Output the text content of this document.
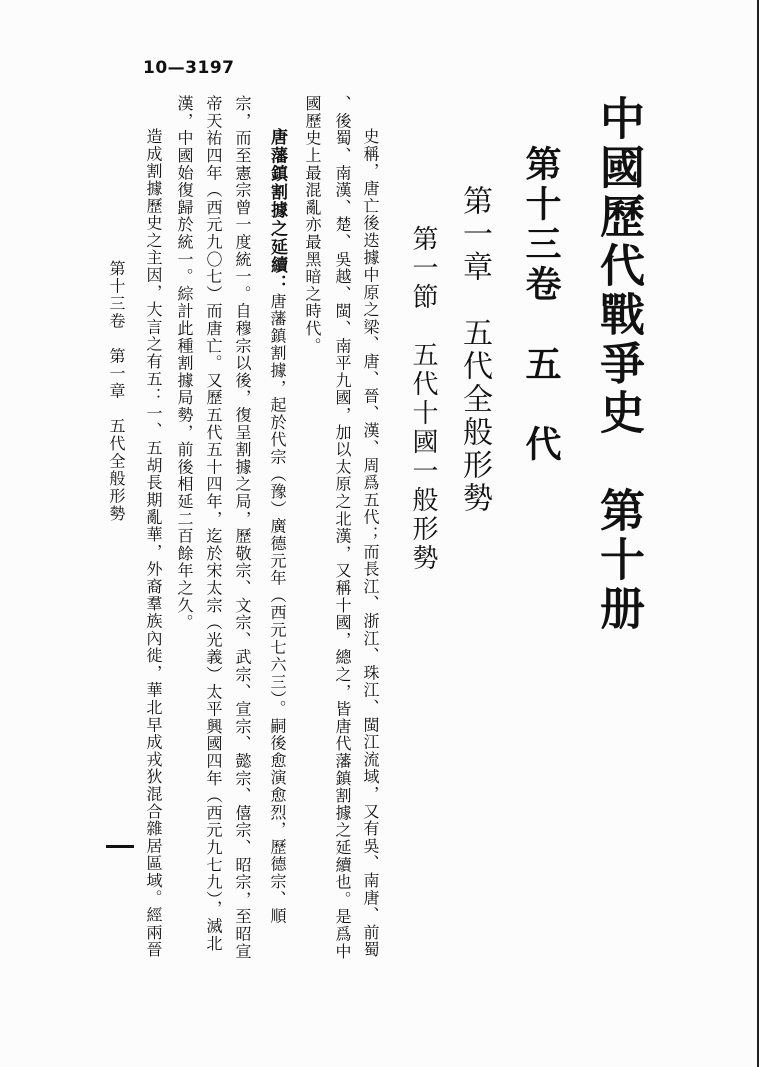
10—3197
中國歷代戰爭史　第十册
第十三卷　五　代
第一章　五代全般形勢
第一節　五代十國一般形勢
史稱，唐亡後迭據中原之梁、唐、晉、漢、周爲五代；而長江、浙江、珠江、閩江流域，又有吳、南唐、前蜀
、後蜀、南漢、楚、吳越、閩、南平九國，加以太原之北漢，又稱十國，總之，皆唐代藩鎮割據之延續也。是爲中
國歷史上最混亂亦最黑暗之時代。
唐藩鎮割據之延續：唐藩鎮割據，起於代宗（豫）廣德元年（西元七六三）。嗣後愈演愈烈，歷德宗、順
宗，而至憲宗曾一度統一。自穆宗以後，復呈割據之局，歷敬宗、文宗、武宗、宣宗、懿宗、僖宗、昭宗，至昭宣
帝天祐四年（西元九〇七）而唐亡。又歷五代五十四年，迄於宋太宗（光義）太平興國四年（西元九七九），滅北
漢，中國始復歸於統一。綜計此種割據局勢，前後相延二百餘年之久。
造成割據歷史之主因，大言之有五：一、五胡長期亂華，外裔羣族內徙，華北早成戎狄混合雜居區域。經兩晉
第十三卷　第一章　五代全般形勢
